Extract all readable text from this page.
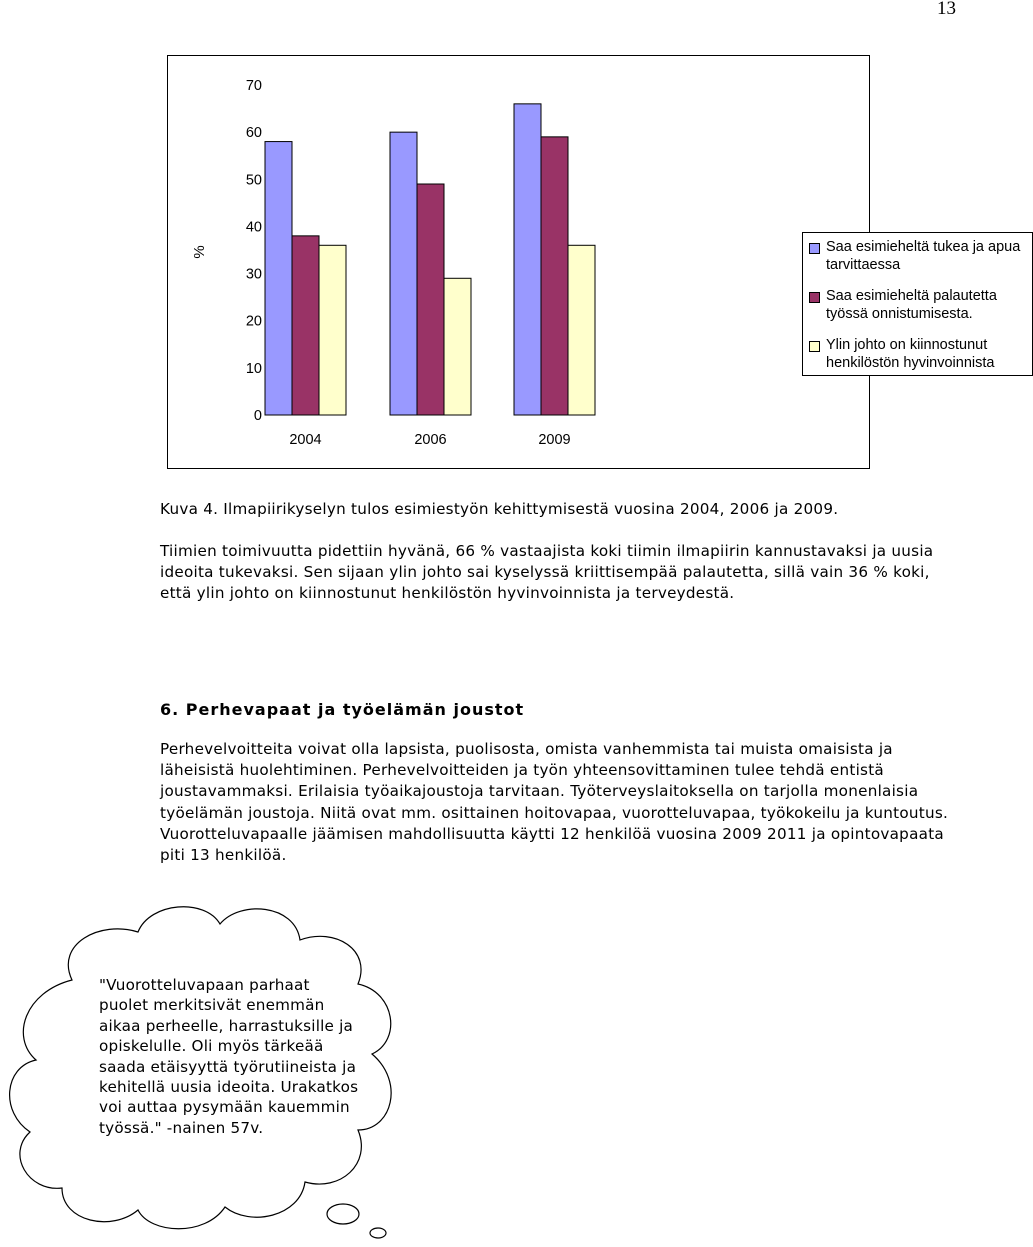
13
0
10
20
30
40
50
60
70
%
2004	2006	2009
Saa esimieheltä tukea ja apua
tarvittaessa
Saa esimieheltä palautetta
työssä onnistumisesta.
Ylin johto on kiinnostunut
henkilöstön hyvinvoinnista
Kuva 4. Ilmapiirikyselyn tulos esimiestyön kehittymisestä vuosina 2004, 2006 ja 2009.
Tiimien toimivuutta pidettiin hyvänä, 66 % vastaajista koki tiimin ilmapiirin kannustavaksi ja uusia ideoita tukevaksi. Sen sijaan ylin johto sai kyselyssä kriittisempää palautetta, sillä vain 36 % koki, että ylin johto on kiinnostunut henkilöstön hyvinvoinnista ja terveydestä.
6. Perhevapaat ja työelämän joustot
Perhevelvoitteita voivat olla lapsista, puolisosta, omista vanhemmista tai muista omaisista ja läheisistä huolehtiminen. Perhevelvoitteiden ja työn yhteensovittaminen tulee tehdä entistä joustavammaksi. Erilaisia työaikajoustoja tarvitaan. Työterveyslaitoksella on tarjolla monenlaisia työelämän joustoja. Niitä ovat mm. osittainen hoitovapaa, vuorotteluvapaa, työkokeilu ja kuntoutus. Vuorotteluvapaalle jäämisen mahdollisuutta käytti 12 henkilöä vuosina 2009 2011 ja opintovapaata piti 13 henkilöä.
"Vuorotteluvapaan parhaat puolet merkitsivät enemmän aikaa perheelle, harrastuksille ja opiskelulle. Oli myös tärkeää saada etäisyyttä työrutiineista ja kehitellä uusia ideoita. Urakatkos voi auttaa pysymään kauemmin työssä." -nainen 57v.
